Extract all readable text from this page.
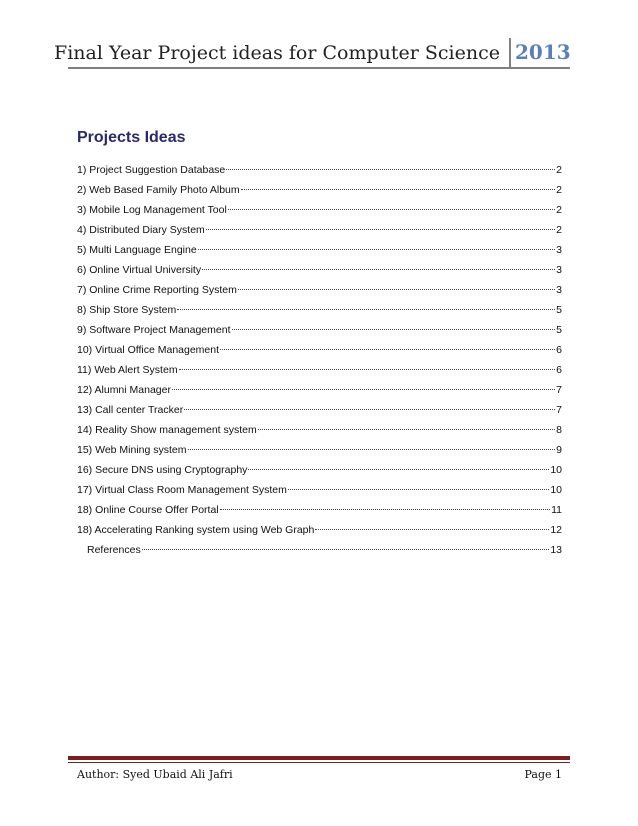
Final Year Project ideas for Computer Science 2013
Projects Ideas
1) Project Suggestion Database	2
2) Web Based Family Photo Album	2
3) Mobile Log Management Tool	2
4) Distributed Diary System	2
5) Multi Language Engine	3
6) Online Virtual University	3
7) Online Crime Reporting System	3
8) Ship Store System	5
9) Software Project Management	5
10) Virtual Office Management	6
11) Web Alert System	6
12) Alumni Manager	7
13) Call center Tracker	7
14) Reality Show management system	8
15) Web Mining system	9
16) Secure DNS using Cryptography	10
17) Virtual Class Room Management System	10
18) Online Course Offer Portal	11
18) Accelerating Ranking system using Web Graph	12
References	13
Author: Syed Ubaid Ali Jafri	Page 1
